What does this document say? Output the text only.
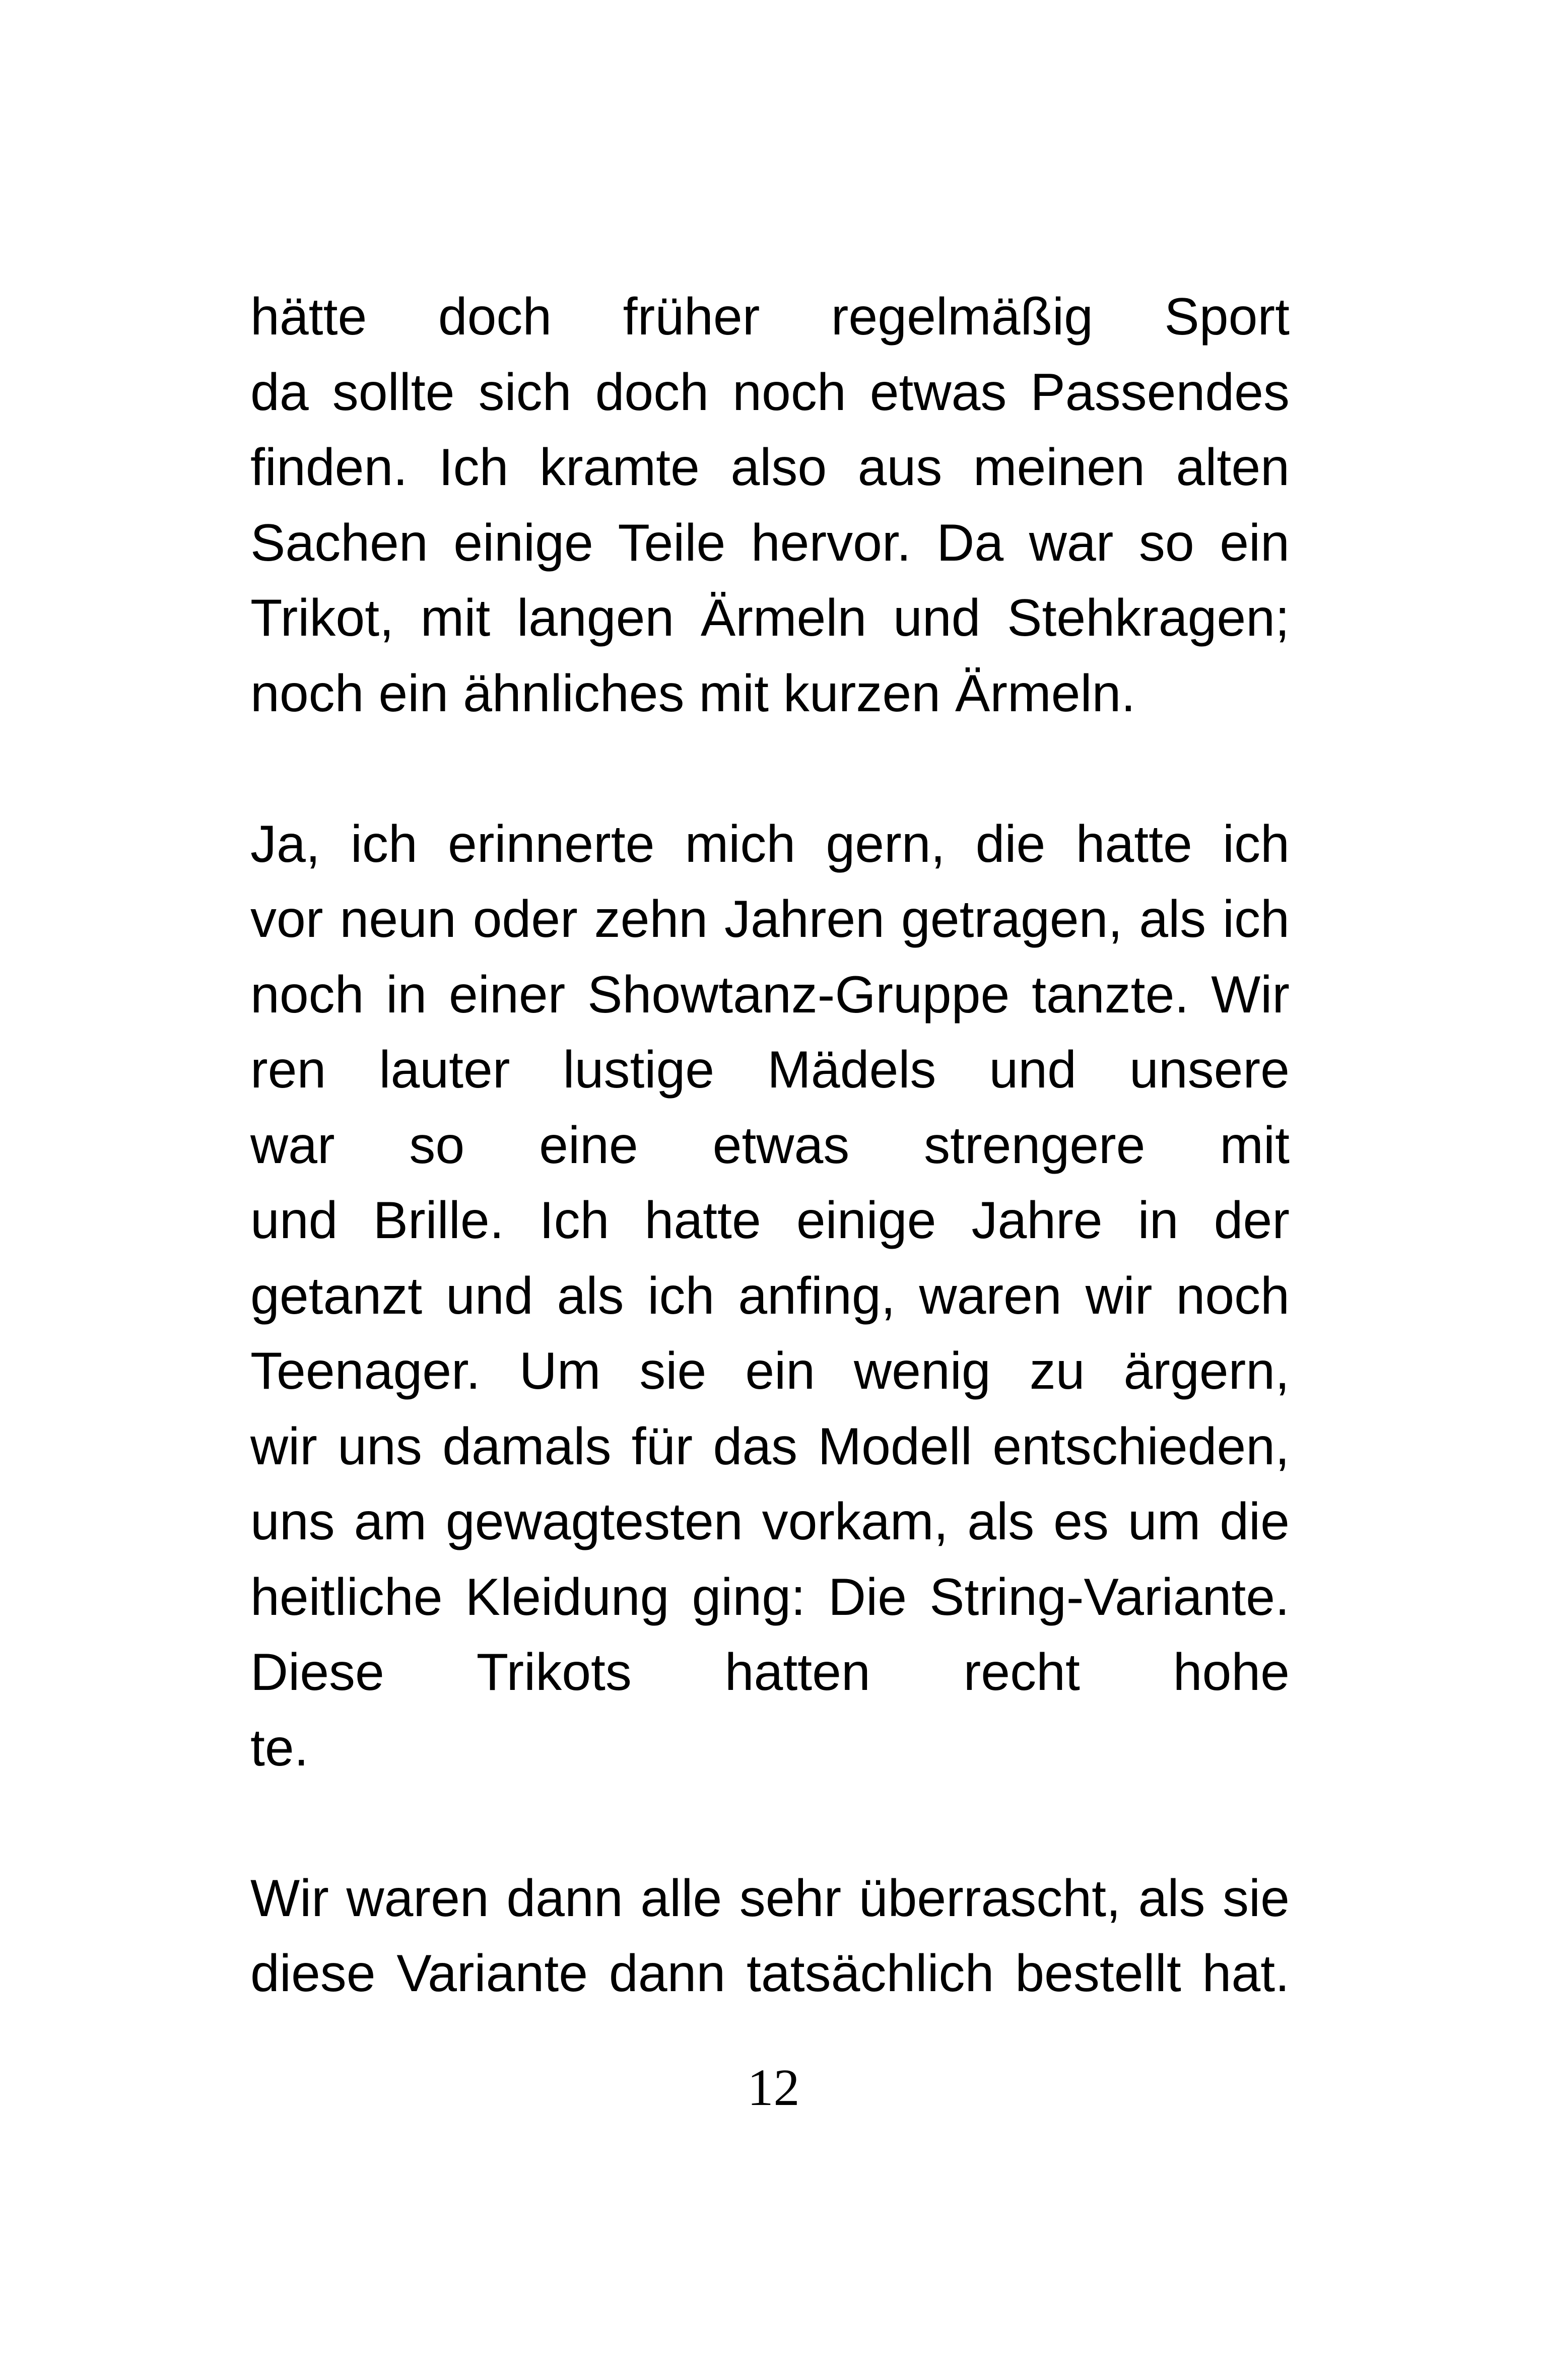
hätte doch früher regelmäßig Sport
da sollte sich doch noch etwas Passendes
finden. Ich kramte also aus meinen alten
Sachen einige Teile hervor. Da war so ein
Trikot, mit langen Ärmeln und Stehkragen;
noch ein ähnliches mit kurzen Ärmeln.

Ja, ich erinnerte mich gern, die hatte ich
vor neun oder zehn Jahren getragen, als ich
noch in einer Showtanz-Gruppe tanzte. Wir
ren lauter lustige Mädels und unsere
war so eine etwas strengere mit
und Brille. Ich hatte einige Jahre in der
getanzt und als ich anfing, waren wir noch
Teenager. Um sie ein wenig zu ärgern,
wir uns damals für das Modell entschieden,
uns am gewagtesten vorkam, als es um die
heitliche Kleidung ging: Die String-Variante.
Diese Trikots hatten recht hohe
te.

Wir waren dann alle sehr überrascht, als sie
diese Variante dann tatsächlich bestellt hat.

12
